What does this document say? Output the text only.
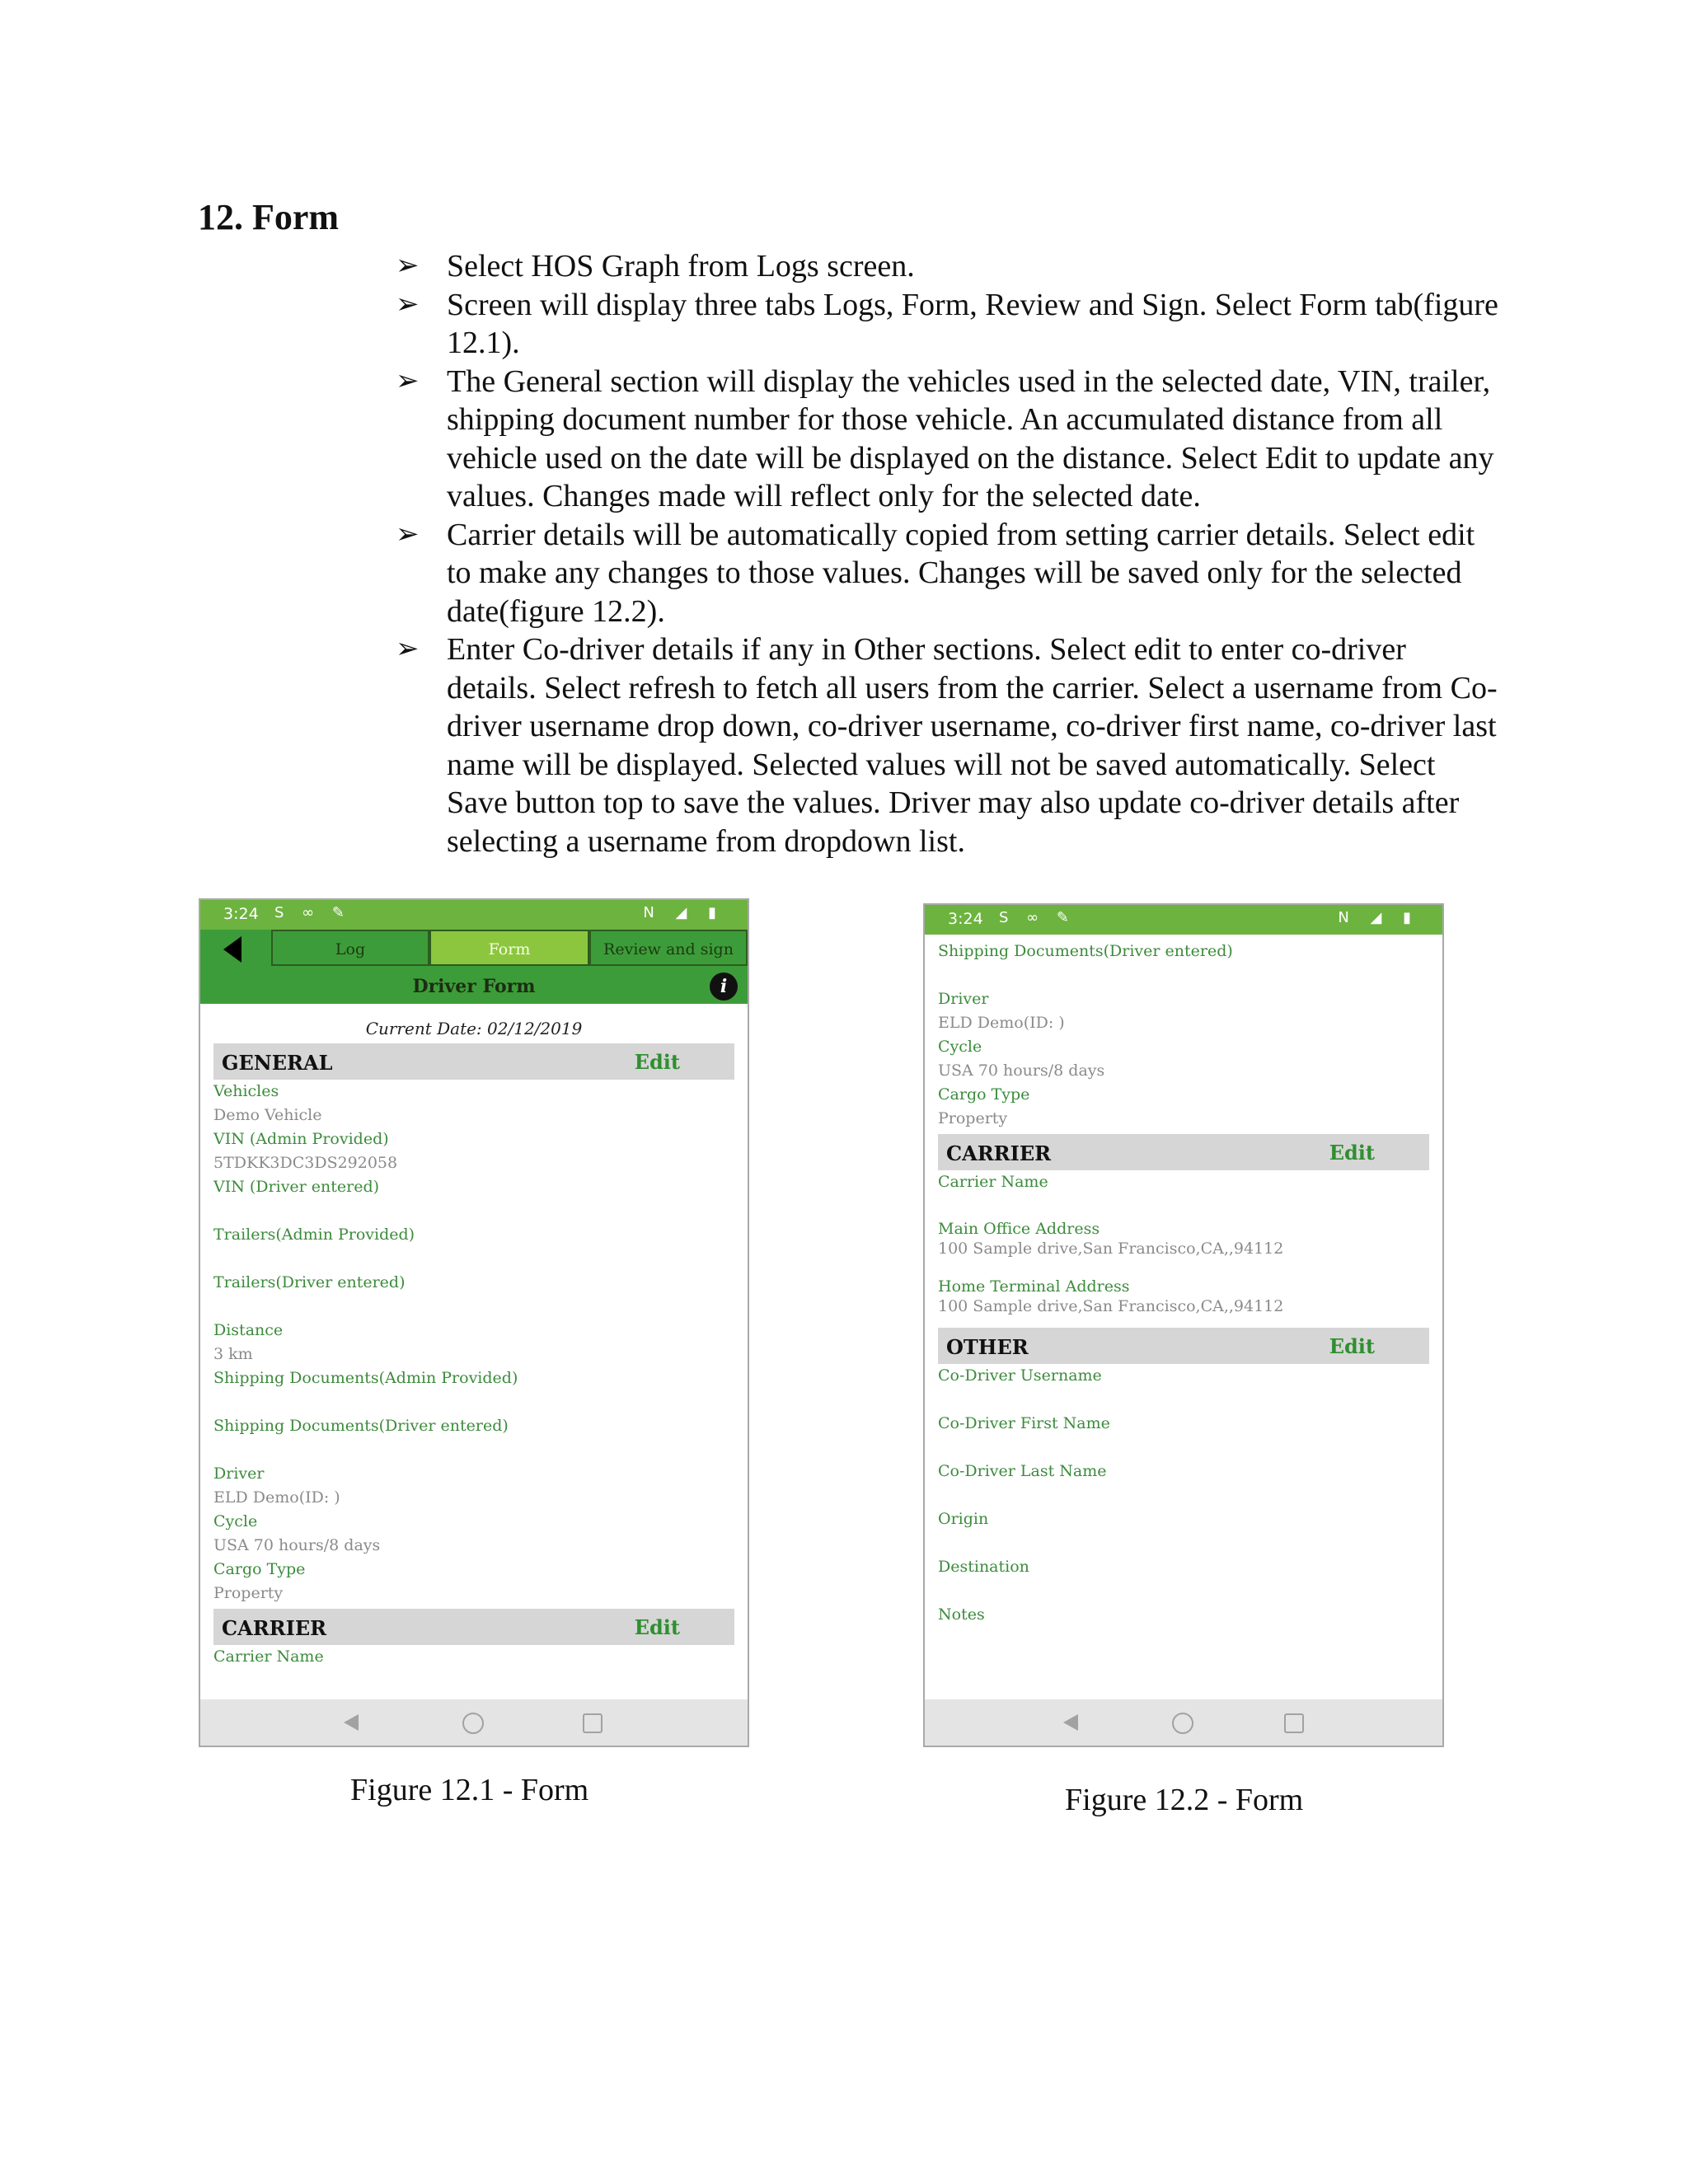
12. Form
➢ Select HOS Graph from Logs screen.
➢ Screen will display three tabs Logs, Form, Review and Sign. Select Form tab(figure 12.1).
➢ The General section will display the vehicles used in the selected date, VIN, trailer, shipping document number for those vehicle. An accumulated distance from all vehicle used on the date will be displayed on the distance. Select Edit to update any values. Changes made will reflect only for the selected date.
➢ Carrier details will be automatically copied from setting carrier details. Select edit to make any changes to those values. Changes will be saved only for the selected date(figure 12.2).
➢ Enter Co-driver details if any in Other sections. Select edit to enter co-driver details. Select refresh to fetch all users from the carrier. Select a username from Co-driver username drop down, co-driver username, co-driver first name, co-driver last name will be displayed. Selected values will not be saved automatically. Select Save button top to save the values. Driver may also update co-driver details after selecting a username from dropdown list.
3:24 S ∞ ✎	N ◢ ▮
Log	Form	Review and sign
Driver Form	i
Current Date: 02/12/2019
GENERAL	Edit
Vehicles
Demo Vehicle
VIN (Admin Provided)
5TDKK3DC3DS292058
VIN (Driver entered)
Trailers(Admin Provided)
Trailers(Driver entered)
Distance
3 km
Shipping Documents(Admin Provided)
Shipping Documents(Driver entered)
Driver
ELD Demo(ID: )
Cycle
USA 70 hours/8 days
Cargo Type
Property
CARRIER	Edit
Carrier Name
3:24 S ∞ ✎	N ◢ ▮
Shipping Documents(Driver entered)
Driver
ELD Demo(ID: )
Cycle
USA 70 hours/8 days
Cargo Type
Property
CARRIER	Edit
Carrier Name
Main Office Address
100 Sample drive,San Francisco,CA,,94112
Home Terminal Address
100 Sample drive,San Francisco,CA,,94112
OTHER	Edit
Co-Driver Username
Co-Driver First Name
Co-Driver Last Name
Origin
Destination
Notes
Figure 12.1 - Form	Figure 12.2 - Form
